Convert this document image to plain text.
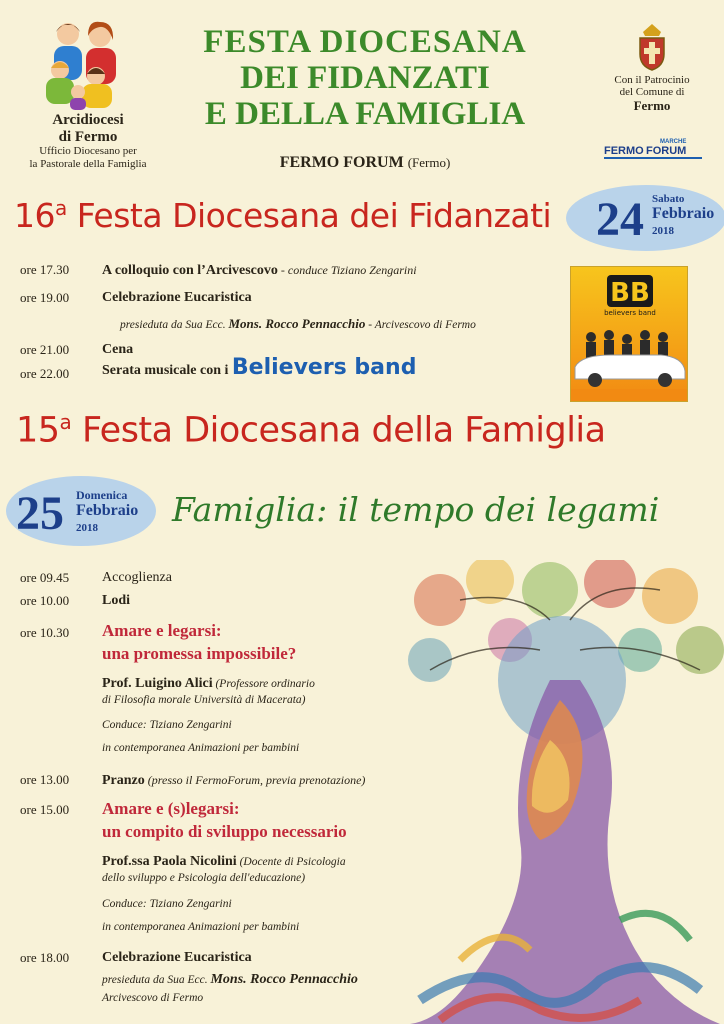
Arcidiocesi
di Fermo
Ufficio Diocesano per
la Pastorale della Famiglia
FESTA DIOCESANA
DEI FIDANZATI
E DELLA FAMIGLIA
FERMO FORUM (Fermo)
Con il Patrocinio
del Comune di
Fermo
MARCHE
FERMO FORUM
16$^a$ Festa Diocesana dei Fidanzati 24 Sabato
Febbraio
2018
ore 17.30	A colloquio con l’Arcivescovo - conduce Tiziano Zengarini
ore 19.00	Celebrazione Eucaristica
presieduta da Sua Ecc. Mons. Rocco Pennacchio - Arcivescovo di Fermo
ore 21.00	Cena
ore 22.00	Serata musicale con i Believers band
BB
believers band
15$^a$ Festa Diocesana della Famiglia
25 Domenica
Febbraio
2018 Famiglia: il tempo dei legami
ore 09.45	Accoglienza
ore 10.00	Lodi
ore 10.30	Amare e legarsi:
una promessa impossibile?
Prof. Luigino Alici (Professore ordinario
di Filosofia morale Università di Macerata)
Conduce: Tiziano Zengarini
in contemporanea Animazioni per bambini
ore 13.00	Pranzo (presso il FermoForum, previa prenotazione)
ore 15.00	Amare e (s)legarsi:
un compito di sviluppo necessario
Prof.ssa Paola Nicolini (Docente di Psicologia
dello sviluppo e Psicologia dell'educazione)
Conduce: Tiziano Zengarini
in contemporanea Animazioni per bambini
ore 18.00	Celebrazione Eucaristica
presieduta da Sua Ecc. Mons. Rocco Pennacchio
Arcivescovo di Fermo
